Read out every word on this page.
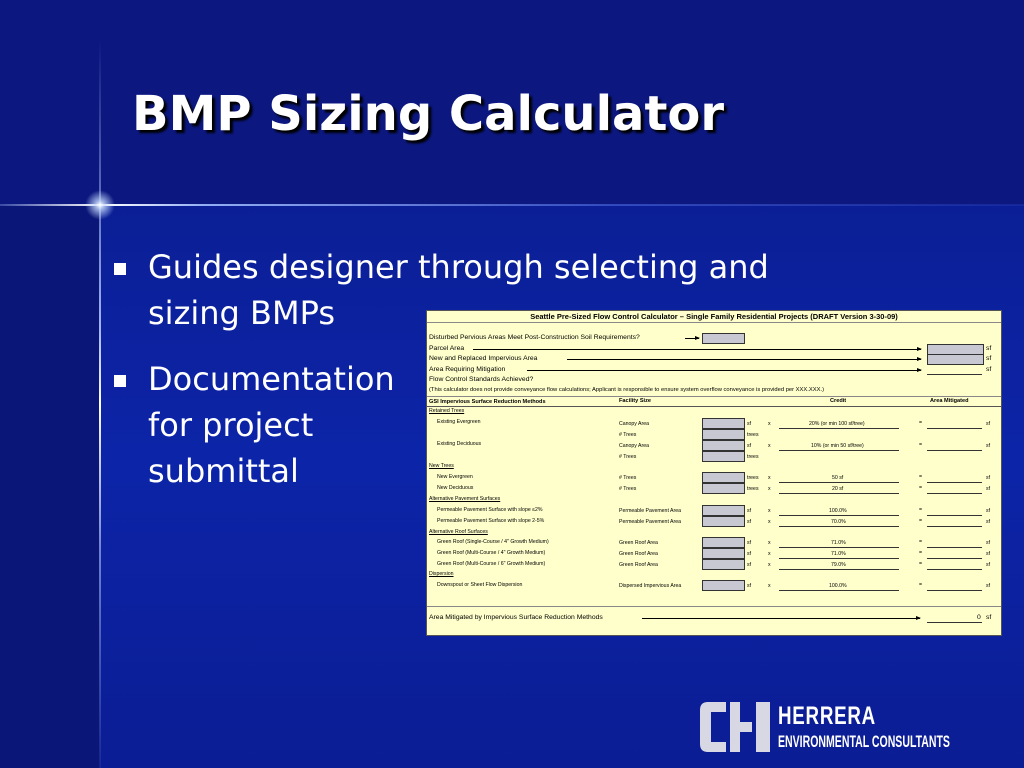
BMP Sizing Calculator
Guides designer through selecting and
sizing BMPs
Documentation
for project
submittal
Seattle Pre-Sized Flow Control Calculator – Single Family Residential Projects (DRAFT Version 3-30-09)
Disturbed Pervious Areas Meet Post-Construction Soil Requirements?
Parcel Area	sf
New and Replaced Impervious Area	sf
Area Requiring Mitigation	sf
Flow Control Standards Achieved?
(This calculator does not provide conveyance flow calculations; Applicant is responsible to ensure system overflow conveyance is provided per XXX.XXX.)
GSI Impervious Surface Reduction Methods	Facility Size	Credit	Area Mitigated
Retained Trees
Existing Evergreen	Canopy Area	sf	x	20% (or min 100 sf/tree)	=	sf
# Trees	trees
Existing Deciduous	Canopy Area	sf	x	10% (or min 50 sf/tree)	=	sf
# Trees	trees
New Trees
New Evergreen	# Trees	trees x	50 sf	=	sf
New Deciduous	# Trees	trees x	20 sf	=	sf
Alternative Pavement Surfaces
Permeable Pavement Surface with slope ≤2%	Permeable Pavement Area	sf	x	100.0%	=	sf
Permeable Pavement Surface with slope 2-5%	Permeable Pavement Area	sf	x	70.0%	=	sf
Alternative Roof Surfaces
Green Roof (Single-Course / 4" Growth Medium)	Green Roof Area	sf	x	71.0%	=	sf
Green Roof (Multi-Course / 4" Growth Medium)	Green Roof Area	sf	x	71.0%	=	sf
Green Roof (Multi-Course / 6" Growth Medium)	Green Roof Area	sf	x	79.0%	=	sf
Dispersion
Downspout or Sheet Flow Dispersion	Dispersed Impervious Area	sf	x	100.0%	=	sf
Area Mitigated by Impervious Surface Reduction Methods	0 sf
HERRERA
ENVIRONMENTAL CONSULTANTS
